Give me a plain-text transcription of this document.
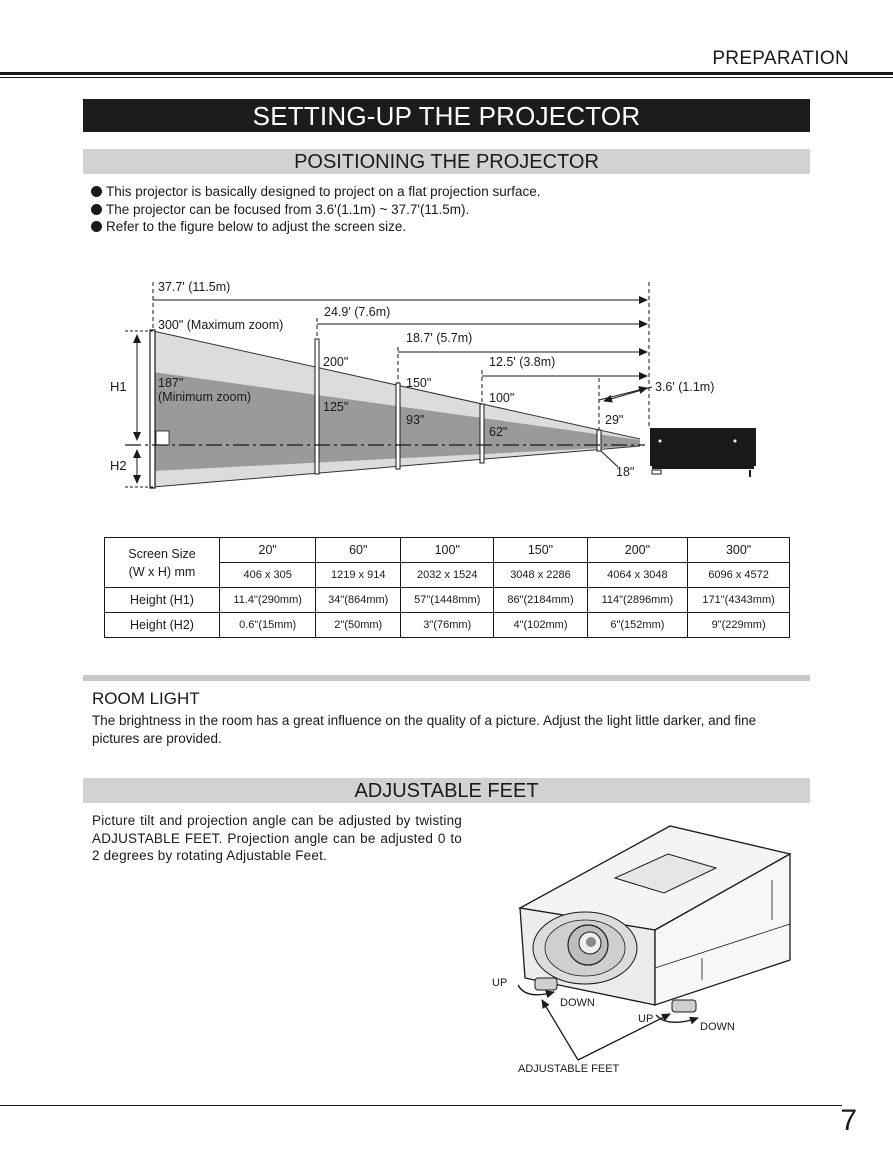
PREPARATION
SETTING-UP THE PROJECTOR
POSITIONING THE PROJECTOR
This projector is basically designed to project on a flat projection surface.
The projector can be focused from 3.6'(1.1m) ~ 37.7'(11.5m).
Refer to the figure below to adjust the screen size.
37.7' (11.5m)
24.9' (7.6m)
18.7' (5.7m)
12.5' (3.8m)
3.6' (1.1m)
300" (Maximum zoom)
187"
(Minimum zoom)
200"
150"
100"
29"
125"
93"
62"
18"
H1
H2
Screen Size
(W x H) mm	20"	60"	100"	150"	200"	300"
	406 x 305	1219 x 914	2032 x 1524	3048 x 2286	4064 x 3048	6096 x 4572
Height (H1)	11.4"(290mm)	34"(864mm)	57"(1448mm)	86"(2184mm)	114"(2896mm)	171"(4343mm)
Height (H2)	0.6"(15mm)	2"(50mm)	3"(76mm)	4"(102mm)	6"(152mm)	9"(229mm)
ROOM LIGHT
The brightness in the room has a great influence on the quality of a picture. Adjust the light little darker, and fine pictures are provided.
ADJUSTABLE FEET
Picture tilt and projection angle can be adjusted by twisting ADJUSTABLE FEET. Projection angle can be adjusted 0 to 2 degrees by rotating Adjustable Feet.
UP
DOWN
UP
DOWN
ADJUSTABLE FEET
7
